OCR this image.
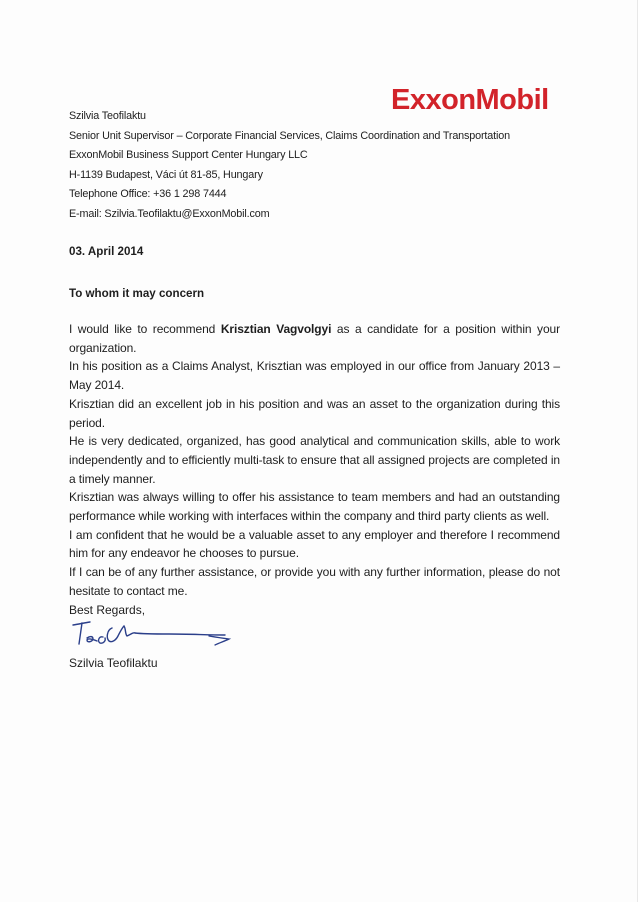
ExxonMobil
Szilvia Teofilaktu
Senior Unit Supervisor – Corporate Financial Services, Claims Coordination and Transportation
ExxonMobil Business Support Center Hungary LLC
H-1139 Budapest, Váci út 81-85, Hungary
Telephone Office: +36 1 298 7444
E-mail: Szilvia.Teofilaktu@ExxonMobil.com
03. April 2014
To whom it may concern

I would like to recommend Krisztian Vagvolgyi as a candidate for a position within your organization.

In his position as a Claims Analyst, Krisztian was employed in our office from January 2013 – May 2014.

Krisztian did an excellent job in his position and was an asset to the organization during this period.

He is very dedicated, organized, has good analytical and communication skills, able to work independently and to efficiently multi-task to ensure that all assigned projects are completed in a timely manner.

Krisztian was always willing to offer his assistance to team members and had an outstanding performance while working with interfaces within the company and third party clients as well.

I am confident that he would be a valuable asset to any employer and therefore I recommend him for any endeavor he chooses to pursue.

If I can be of any further assistance, or provide you with any further information, please do not hesitate to contact me.

Best Regards,
Szilvia Teofilaktu
